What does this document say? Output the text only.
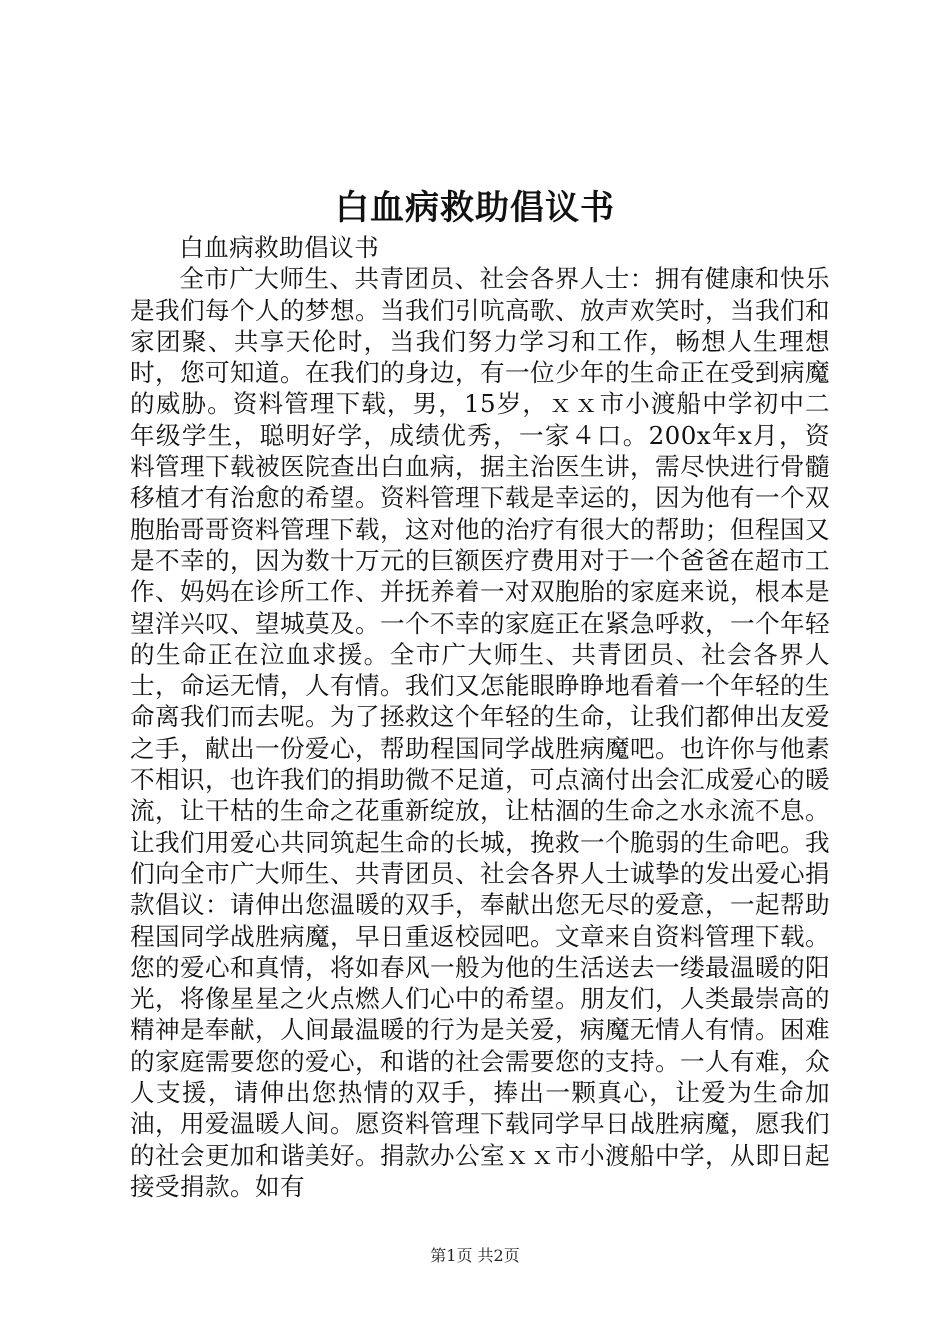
白血病救助倡议书

白血病救助倡议书

全市广大师生、共青团员、社会各界人士：拥有健康和快乐是我们每个人的梦想。当我们引吭高歌、放声欢笑时，当我们和家团聚、共享天伦时，当我们努力学习和工作，畅想人生理想时，您可知道。在我们的身边，有一位少年的生命正在受到病魔的威胁。资料管理下载，男，15岁，ｘｘ市小渡船中学初中二年级学生，聪明好学，成绩优秀，一家４口。200x年x月，资料管理下载被医院查出白血病，据主治医生讲，需尽快进行骨髓移植才有治愈的希望。资料管理下载是幸运的，因为他有一个双胞胎哥哥资料管理下载，这对他的治疗有很大的帮助；但程国又是不幸的，因为数十万元的巨额医疗费用对于一个爸爸在超市工作、妈妈在诊所工作、并抚养着一对双胞胎的家庭来说，根本是望洋兴叹、望城莫及。一个不幸的家庭正在紧急呼救，一个年轻的生命正在泣血求援。全市广大师生、共青团员、社会各界人士，命运无情，人有情。我们又怎能眼睁睁地看着一个年轻的生命离我们而去呢。为了拯救这个年轻的生命，让我们都伸出友爱之手，献出一份爱心，帮助程国同学战胜病魔吧。也许你与他素不相识，也许我们的捐助微不足道，可点滴付出会汇成爱心的暖流，让干枯的生命之花重新绽放，让枯涸的生命之水永流不息。让我们用爱心共同筑起生命的长城，挽救一个脆弱的生命吧。我们向全市广大师生、共青团员、社会各界人士诚挚的发出爱心捐款倡议：请伸出您温暖的双手，奉献出您无尽的爱意，一起帮助程国同学战胜病魔，早日重返校园吧。文章来自资料管理下载。您的爱心和真情，将如春风一般为他的生活送去一缕最温暖的阳光，将像星星之火点燃人们心中的希望。朋友们，人类最崇高的精神是奉献，人间最温暖的行为是关爱，病魔无情人有情。困难的家庭需要您的爱心，和谐的社会需要您的支持。一人有难，众人支援，请伸出您热情的双手，捧出一颗真心，让爱为生命加油，用爱温暖人间。愿资料管理下载同学早日战胜病魔，愿我们的社会更加和谐美好。捐款办公室ｘｘ市小渡船中学，从即日起接受捐款。如有

第1页 共2页
